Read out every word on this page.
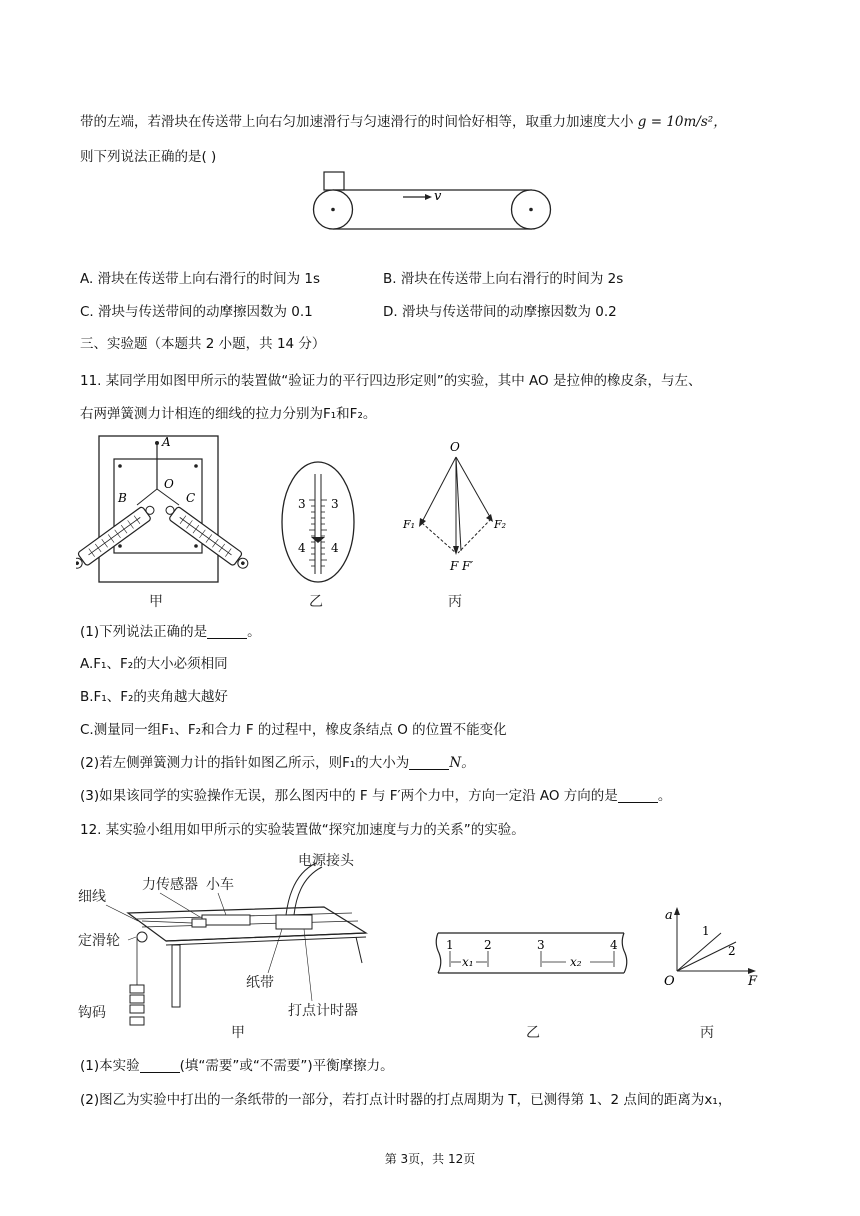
带的左端，若滑块在传送带上向右匀加速滑行与匀速滑行的时间恰好相等，取重力加速度大小 g = 10m/s²，
则下列说法正确的是( )
v
A. 滑块在传送带上向右滑行的时间为 1s	B. 滑块在传送带上向右滑行的时间为 2s
C. 滑块与传送带间的动摩擦因数为 0.1	D. 滑块与传送带间的动摩擦因数为 0.2
三、实验题（本题共 2 小题，共 14 分）
11. 某同学用如图甲所示的装置做“验证力的平行四边形定则”的实验，其中 AO 是拉伸的橡皮条，与左、
右两弹簧测力计相连的细线的拉力分别为F₁和F₂。
A
O
B	C
甲
3 3
4 4
乙
O
F₁	F₂
F F′
丙
(1)下列说法正确的是	。
A.F₁、F₂的大小必须相同
B.F₁、F₂的夹角越大越好
C.测量同一组F₁、F₂和合力 F 的过程中，橡皮条结点 O 的位置不能变化
(2)若左侧弹簧测力计的指针如图乙所示，则F₁的大小为	N。
(3)如果该同学的实验操作无误，那么图丙中的 F 与 F′两个力中，方向一定沿 AO 方向的是	。
12. 某实验小组用如甲所示的实验装置做“探究加速度与力的关系”的实验。
电源接头
力传感器 小车
细线
定滑轮
纸带
打点计时器
钩码
甲
1	2	3	4
x₁	x₂
乙
a
F
O
1
2
丙
(1)本实验	(填“需要”或“不需要”)平衡摩擦力。
(2)图乙为实验中打出的一条纸带的一部分，若打点计时器的打点周期为 T，已测得第 1、2 点间的距离为x₁，
第 3页，共 12页
